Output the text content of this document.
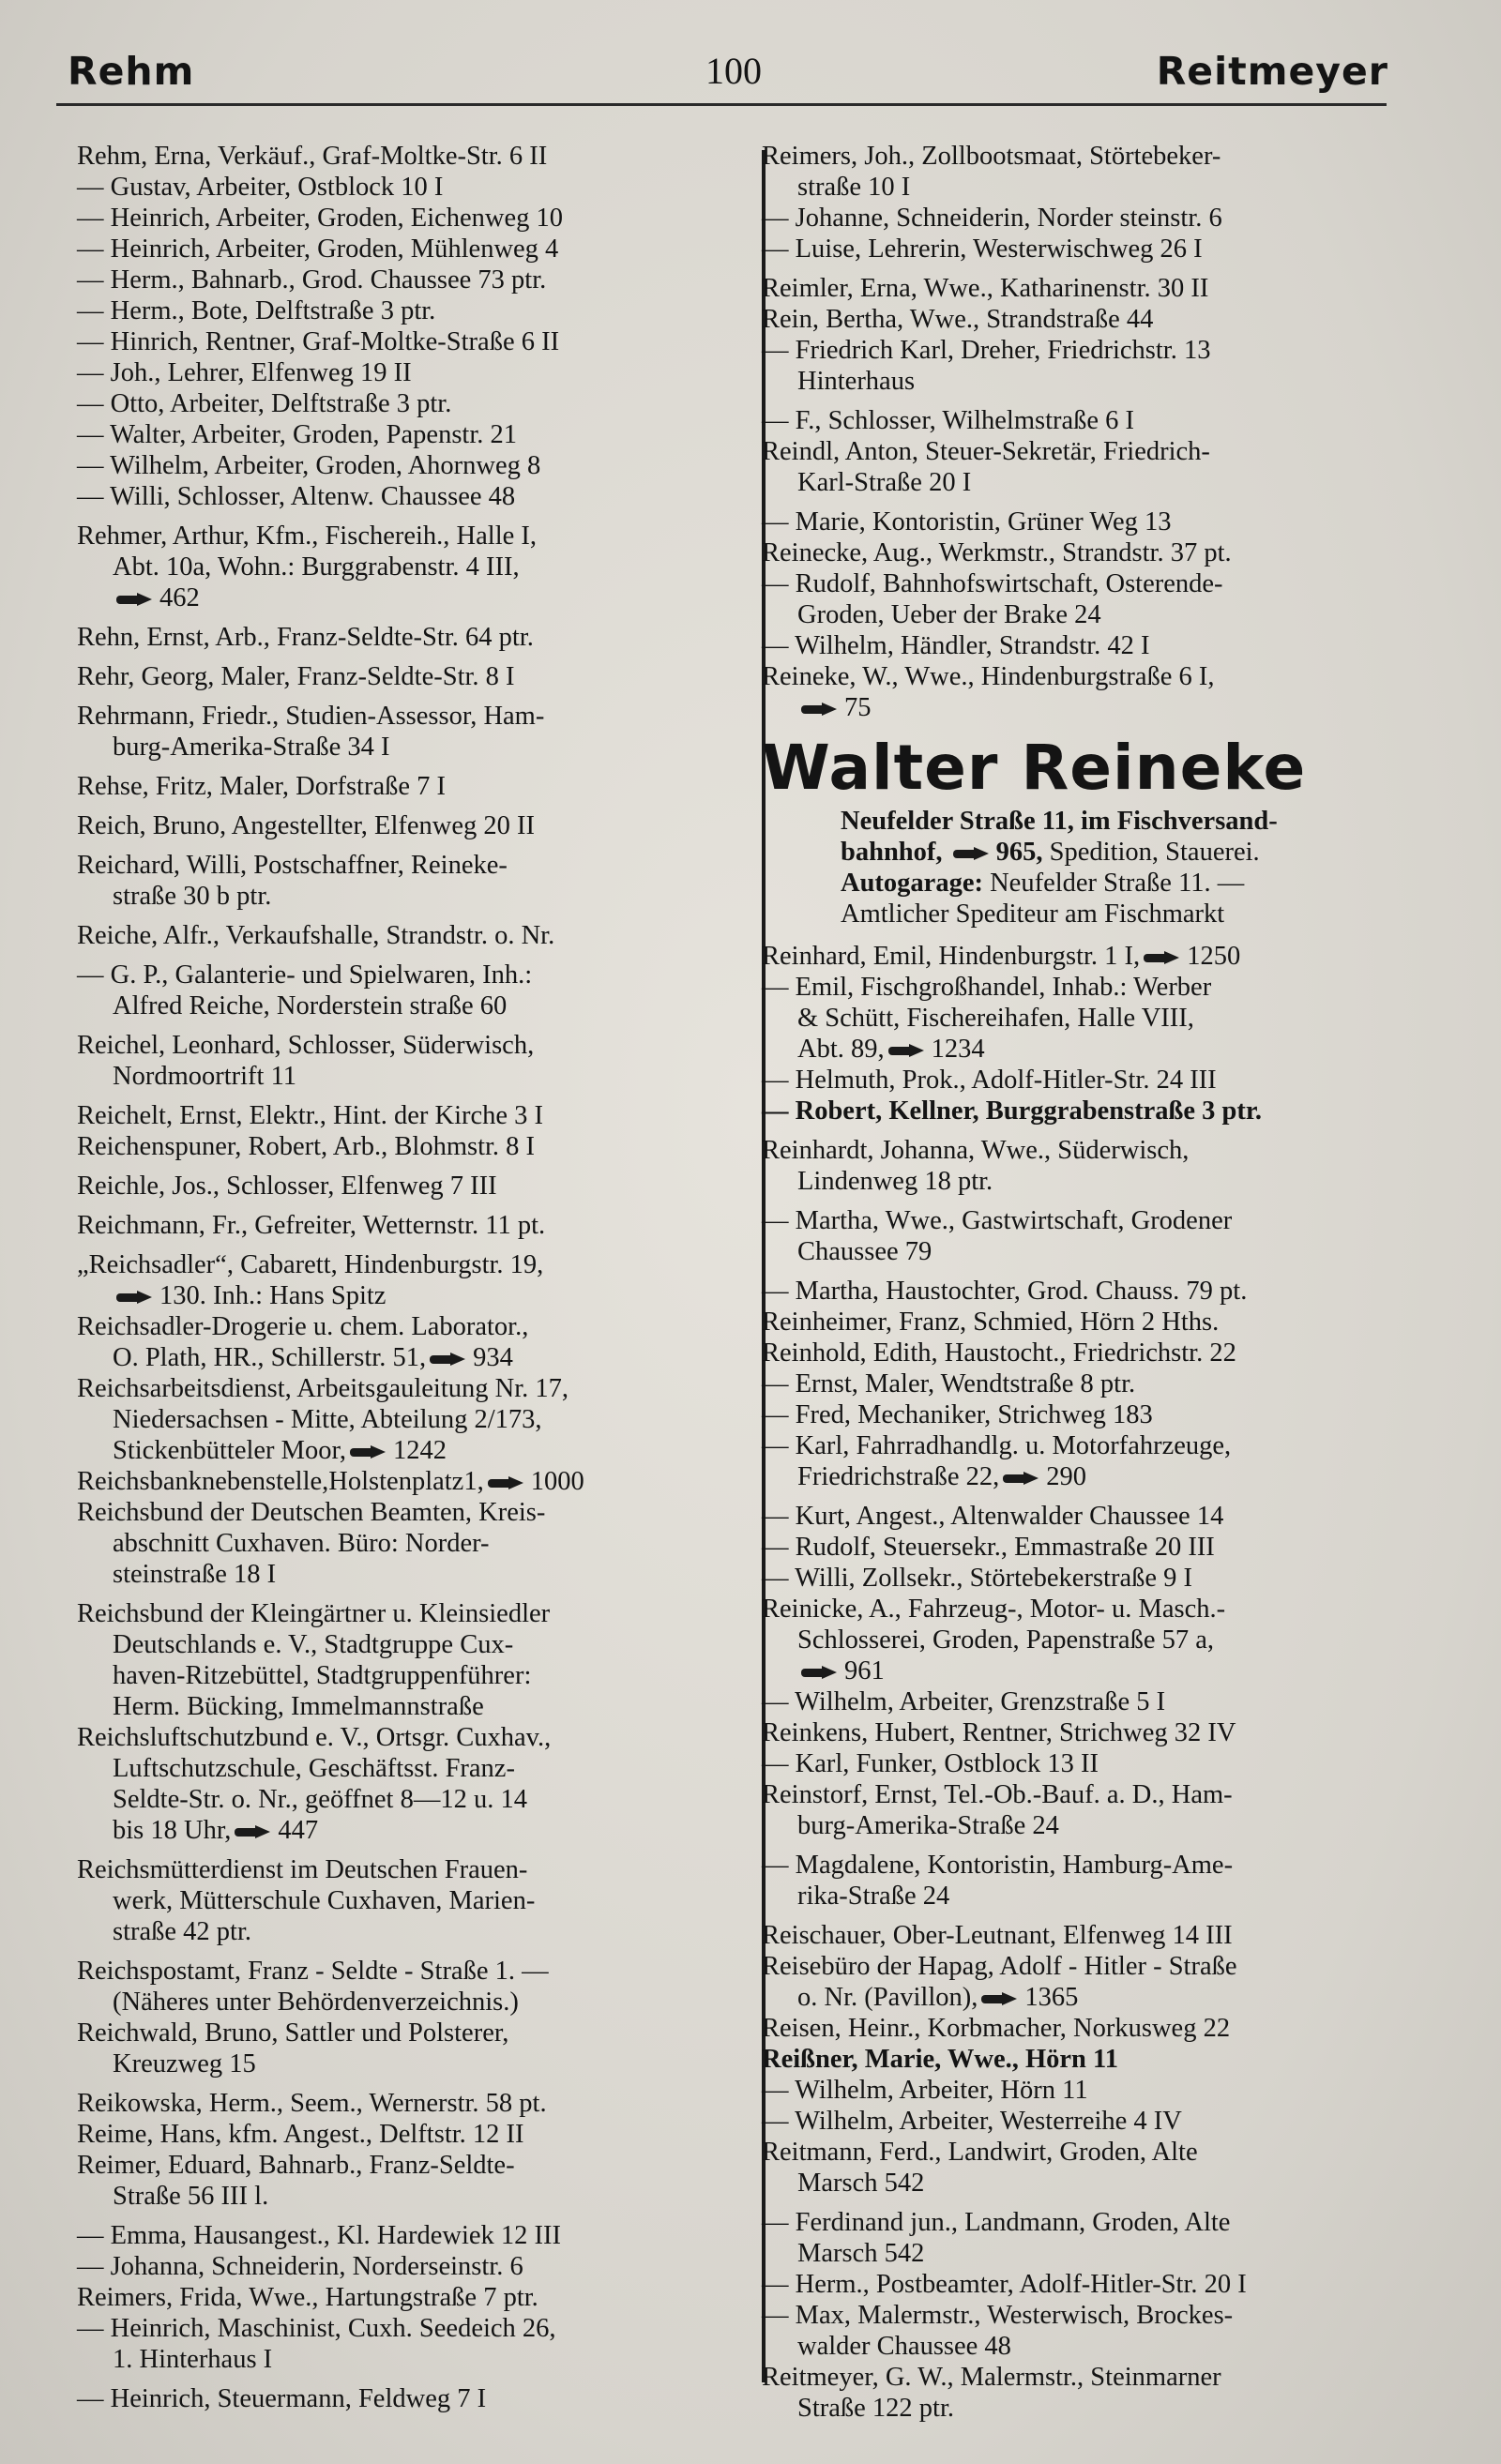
Rehm	100	Reitmeyer
Rehm, Erna, Verkäuf., Graf-Moltke-Str. 6 II
— Gustav, Arbeiter, Ostblock 10 I
— Heinrich, Arbeiter, Groden, Eichenweg 10
— Heinrich, Arbeiter, Groden, Mühlenweg 4
— Herm., Bahnarb., Grod. Chaussee 73 ptr.
— Herm., Bote, Delftstraße 3 ptr.
— Hinrich, Rentner, Graf-Moltke-Straße 6 II
— Joh., Lehrer, Elfenweg 19 II
— Otto, Arbeiter, Delftstraße 3 ptr.
— Walter, Arbeiter, Groden, Papenstr. 21
— Wilhelm, Arbeiter, Groden, Ahornweg 8
— Willi, Schlosser, Altenw. Chaussee 48
Rehmer, Arthur, Kfm., Fischereih., Halle I,
Abt. 10a, Wohn.: Burggrabenstr. 4 III,
462
Rehn, Ernst, Arb., Franz-Seldte-Str. 64 ptr.
Rehr, Georg, Maler, Franz-Seldte-Str. 8 I
Rehrmann, Friedr., Studien-Assessor, Ham-
burg-Amerika-Straße 34 I
Rehse, Fritz, Maler, Dorfstraße 7 I
Reich, Bruno, Angestellter, Elfenweg 20 II
Reichard, Willi, Postschaffner, Reineke-
straße 30 b ptr.
Reiche, Alfr., Verkaufshalle, Strandstr. o. Nr.
— G. P., Galanterie- und Spielwaren, Inh.:
Alfred Reiche, Norderstein straße 60
Reichel, Leonhard, Schlosser, Süderwisch,
Nordmoortrift 11
Reichelt, Ernst, Elektr., Hint. der Kirche 3 I
Reichenspuner, Robert, Arb., Blohmstr. 8 I
Reichle, Jos., Schlosser, Elfenweg 7 III
Reichmann, Fr., Gefreiter, Wetternstr. 11 pt.
„Reichsadler“, Cabarett, Hindenburgstr. 19,
130. Inh.: Hans Spitz
Reichsadler-Drogerie u. chem. Laborator.,
O. Plath, HR., Schillerstr. 51, 934
Reichsarbeitsdienst, Arbeitsgauleitung Nr. 17,
Niedersachsen - Mitte, Abteilung 2/173,
Stickenbütteler Moor, 1242
Reichsbanknebenstelle,Holstenplatz1, 1000
Reichsbund der Deutschen Beamten, Kreis-
abschnitt Cuxhaven. Büro: Norder-
steinstraße 18 I
Reichsbund der Kleingärtner u. Kleinsiedler
Deutschlands e. V., Stadtgruppe Cux-
haven-Ritzebüttel, Stadtgruppenführer:
Herm. Bücking, Immelmannstraße
Reichsluftschutzbund e. V., Ortsgr. Cuxhav.,
Luftschutzschule, Geschäftsst. Franz-
Seldte-Str. o. Nr., geöffnet 8—12 u. 14
bis 18 Uhr, 447
Reichsmütterdienst im Deutschen Frauen-
werk, Mütterschule Cuxhaven, Marien-
straße 42 ptr.
Reichspostamt, Franz - Seldte - Straße 1. —
(Näheres unter Behördenverzeichnis.)
Reichwald, Bruno, Sattler und Polsterer,
Kreuzweg 15
Reikowska, Herm., Seem., Wernerstr. 58 pt.
Reime, Hans, kfm. Angest., Delftstr. 12 II
Reimer, Eduard, Bahnarb., Franz-Seldte-
Straße 56 III l.
— Emma, Hausangest., Kl. Hardewiek 12 III
— Johanna, Schneiderin, Norderseinstr. 6
Reimers, Frida, Wwe., Hartungstraße 7 ptr.
— Heinrich, Maschinist, Cuxh. Seedeich 26,
1. Hinterhaus I
— Heinrich, Steuermann, Feldweg 7 I
Reimers, Joh., Zollbootsmaat, Störtebeker-
straße 10 I
— Johanne, Schneiderin, Norder steinstr. 6
— Luise, Lehrerin, Westerwischweg 26 I
Reimler, Erna, Wwe., Katharinenstr. 30 II
Rein, Bertha, Wwe., Strandstraße 44
— Friedrich Karl, Dreher, Friedrichstr. 13
Hinterhaus
— F., Schlosser, Wilhelmstraße 6 I
Reindl, Anton, Steuer-Sekretär, Friedrich-
Karl-Straße 20 I
— Marie, Kontoristin, Grüner Weg 13
Reinecke, Aug., Werkmstr., Strandstr. 37 pt.
— Rudolf, Bahnhofswirtschaft, Osterende-
Groden, Ueber der Brake 24
— Wilhelm, Händler, Strandstr. 42 I
Reineke, W., Wwe., Hindenburgstraße 6 I,
75
Walter Reineke
Neufelder Straße 11, im Fischversand-
bahnhof, 965, Spedition, Stauerei.
Autogarage: Neufelder Straße 11. —
Amtlicher Spediteur am Fischmarkt
Reinhard, Emil, Hindenburgstr. 1 I, 1250
— Emil, Fischgroßhandel, Inhab.: Werber
& Schütt, Fischereihafen, Halle VIII,
Abt. 89, 1234
— Helmuth, Prok., Adolf-Hitler-Str. 24 III
— Robert, Kellner, Burggrabenstraße 3 ptr.
Reinhardt, Johanna, Wwe., Süderwisch,
Lindenweg 18 ptr.
— Martha, Wwe., Gastwirtschaft, Grodener
Chaussee 79
— Martha, Haustochter, Grod. Chauss. 79 pt.
Reinheimer, Franz, Schmied, Hörn 2 Hths.
Reinhold, Edith, Haustocht., Friedrichstr. 22
— Ernst, Maler, Wendtstraße 8 ptr.
— Fred, Mechaniker, Strichweg 183
— Karl, Fahrradhandlg. u. Motorfahrzeuge,
Friedrichstraße 22, 290
— Kurt, Angest., Altenwalder Chaussee 14
— Rudolf, Steuersekr., Emmastraße 20 III
— Willi, Zollsekr., Störtebekerstraße 9 I
Reinicke, A., Fahrzeug-, Motor- u. Masch.-
Schlosserei, Groden, Papenstraße 57 a,
961
— Wilhelm, Arbeiter, Grenzstraße 5 I
Reinkens, Hubert, Rentner, Strichweg 32 IV
— Karl, Funker, Ostblock 13 II
Reinstorf, Ernst, Tel.-Ob.-Bauf. a. D., Ham-
burg-Amerika-Straße 24
— Magdalene, Kontoristin, Hamburg-Ame-
rika-Straße 24
Reischauer, Ober-Leutnant, Elfenweg 14 III
Reisebüro der Hapag, Adolf - Hitler - Straße
o. Nr. (Pavillon), 1365
Reisen, Heinr., Korbmacher, Norkusweg 22
Reißner, Marie, Wwe., Hörn 11
— Wilhelm, Arbeiter, Hörn 11
— Wilhelm, Arbeiter, Westerreihe 4 IV
Reitmann, Ferd., Landwirt, Groden, Alte
Marsch 542
— Ferdinand jun., Landmann, Groden, Alte
Marsch 542
— Herm., Postbeamter, Adolf-Hitler-Str. 20 I
— Max, Malermstr., Westerwisch, Brockes-
walder Chaussee 48
Reitmeyer, G. W., Malermstr., Steinmarner
Straße 122 ptr.
